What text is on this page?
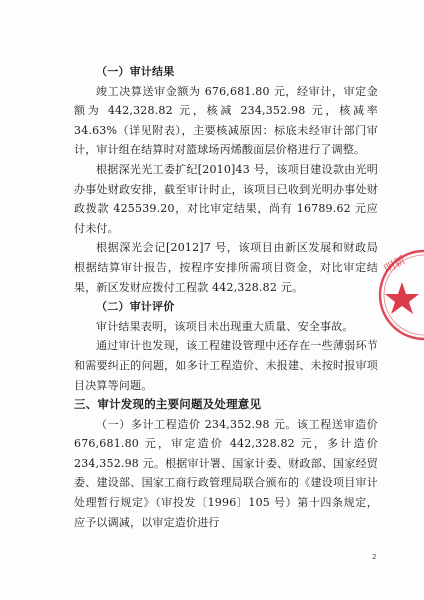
（一）审计结果

竣工决算送审金额为 676,681.80 元，经审计，审定金额为 442,328.82 元，核减 234,352.98 元，核减率 34.63%（详见附表），主要核减原因：标底未经审计部门审计，审计组在结算时对篮球场丙烯酸面层价格进行了调整。

根据深光光工委扩纪[2010]43 号，该项目建设款由光明办事处财政安排，截至审计时止，该项目已收到光明办事处财政拨款 425539.20，对比审定结果，尚有 16789.62 元应付未付。

根据深光会记[2012]7 号，该项目由新区发展和财政局根据结算审计报告，按程序安排所需项目资金，对比审定结果，新区发财应拨付工程款 442,328.82 元。

（二）审计评价

审计结果表明，该项目未出现重大质量、安全事故。

通过审计也发现，该工程建设管理中还存在一些薄弱环节和需要纠正的问题，如多计工程造价、未报建、未按时报审项目决算等问题。

三、审计发现的主要问题及处理意见

（一）多计工程造价 234,352.98 元。该工程送审造价 676,681.80 元，审定造价 442,328.82 元，多计造价 234,352.98 元。根据审计署、国家计委、财政部、国家经贸委、建设部、国家工商行政管理局联合颁布的《建设项目审计处理暂行规定》（审投发〔1996〕105 号）第十四条规定，应予以调减，以审定造价进行

明新
2
